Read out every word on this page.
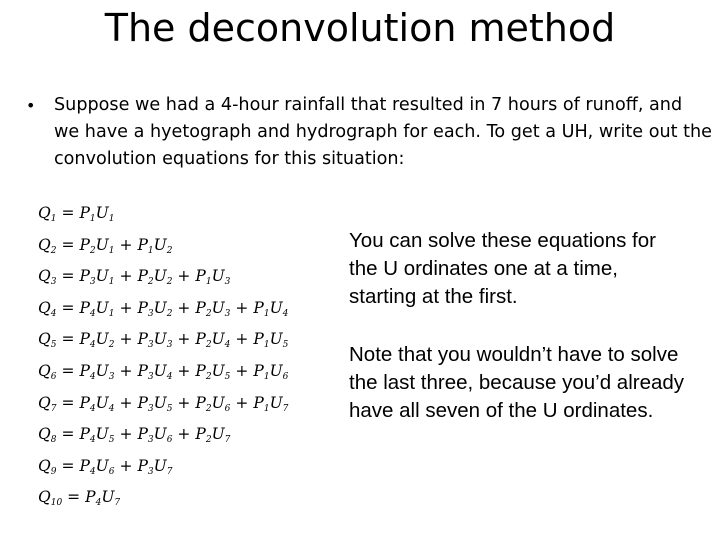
The deconvolution method
•	Suppose we had a 4-hour rainfall that resulted in 7 hours of runoff, and we have a hyetograph and hydrograph for each. To get a UH, write out the convolution equations for this situation:
$Q_1 = P_1U_1$
$Q_2 = P_2U_1 + P_1U_2$
$Q_3 = P_3U_1 + P_2U_2 + P_1U_3$
$Q_4 = P_4U_1 + P_3U_2 + P_2U_3 + P_1U_4$
$Q_5 = P_4U_2 + P_3U_3 + P_2U_4 + P_1U_5$
$Q_6 = P_4U_3 + P_3U_4 + P_2U_5 + P_1U_6$
$Q_7 = P_4U_4 + P_3U_5 + P_2U_6 + P_1U_7$
$Q_8 = P_4U_5 + P_3U_6 + P_2U_7$
$Q_9 = P_4U_6 + P_3U_7$
$Q_{10} = P_4U_7$
You can solve these equations for the U ordinates one at a time, starting at the first.
Note that you wouldn’t have to solve the last three, because you’d already have all seven of the U ordinates.
